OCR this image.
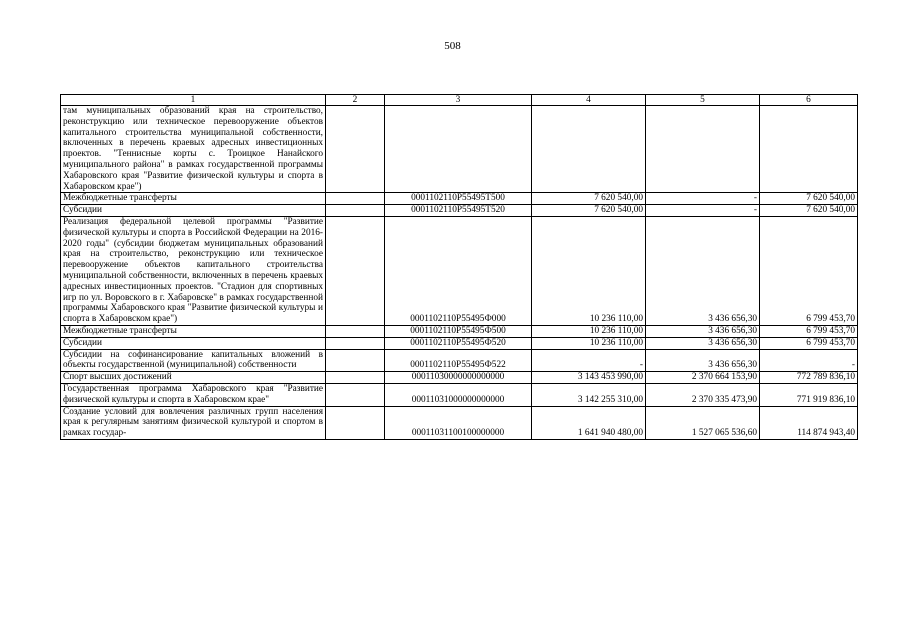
508
1	2	3	4	5	6
там муниципальных образований края на строительство, реконструкцию или техническое перевооружение объектов капитального строительства муниципальной собственности, включенных в перечень краевых адресных инвестиционных проектов. "Теннисные корты с. Троицкое Нанайского муниципального района" в рамках государственной программы Хабаровского края "Развитие физической культуры и спорта в Хабаровском крае")					
Межбюджетные трансферты		0001102110P55495Т500	7 620 540,00	-	7 620 540,00
Субсидии		0001102110P55495Т520	7 620 540,00	-	7 620 540,00
Реализация федеральной целевой программы "Развитие физической культуры и спорта в Российской Федерации на 2016-2020 годы" (субсидии бюджетам муниципальных образований края на строительство, реконструкцию или техническое перевооружение объектов капитального строительства муниципальной собственности, включенных в перечень краевых адресных инвестиционных проектов. "Стадион для спортивных игр по ул. Воровского в г. Хабаровске" в рамках государственной программы Хабаровского края "Развитие физической культуры и спорта в Хабаровском крае")		0001102110P55495Ф000	10 236 110,00	3 436 656,30	6 799 453,70
Межбюджетные трансферты		0001102110P55495Ф500	10 236 110,00	3 436 656,30	6 799 453,70
Субсидии		0001102110P55495Ф520	10 236 110,00	3 436 656,30	6 799 453,70
Субсидии на софинансирование капитальных вложений в объекты государственной (муниципальной) собственности		0001102110P55495Ф522	-	3 436 656,30	-
Спорт высших достижений		00011030000000000000	3 143 453 990,00	2 370 664 153,90	772 789 836,10
Государственная программа Хабаровского края "Развитие физической культуры и спорта в Хабаровском крае"		00011031000000000000	3 142 255 310,00	2 370 335 473,90	771 919 836,10
Создание условий для вовлечения различных групп населения края к регулярным занятиям физической культурой и спортом в рамках государ-		00011031100100000000	1 641 940 480,00	1 527 065 536,60	114 874 943,40
